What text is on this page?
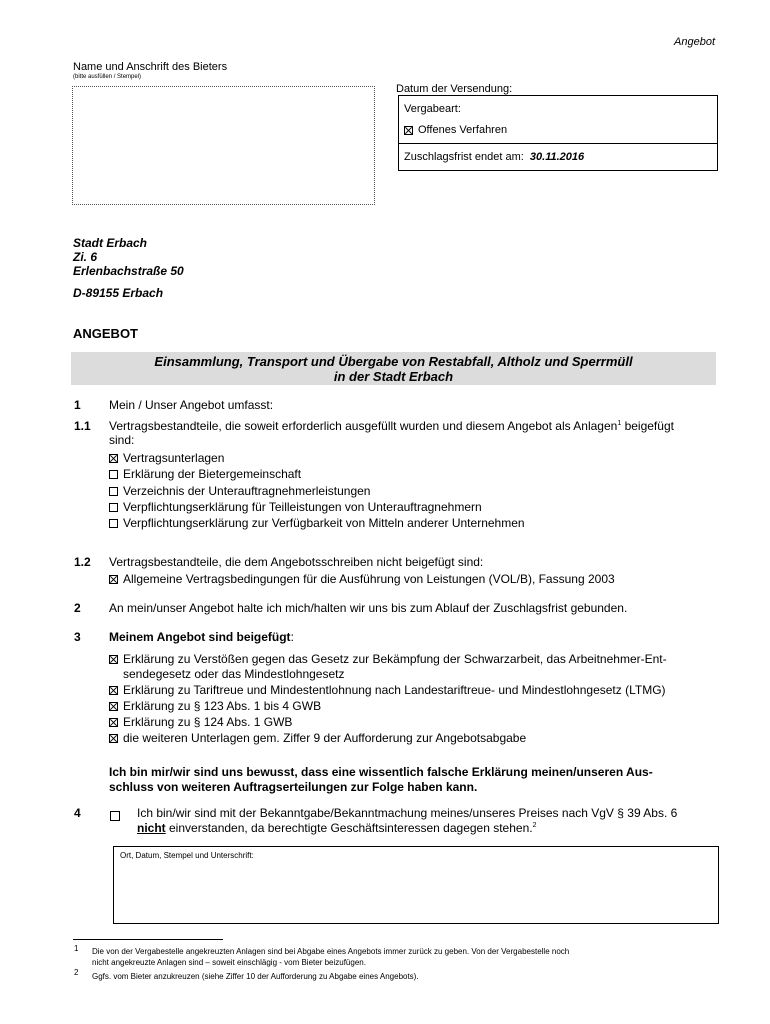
Angebot
Name und Anschrift des Bieters
(bitte ausfüllen / Stempel)
Datum der Versendung:
Vergabeart:
Offenes Verfahren
Zuschlagsfrist endet am: 30.11.2016
Stadt Erbach
Zi. 6
Erlenbachstraße 50
D-89155 Erbach
ANGEBOT
Einsammlung, Transport und Übergabe von Restabfall, Altholz und Sperrmüll
in der Stadt Erbach
1 Mein / Unser Angebot umfasst:
1.1 Vertragsbestandteile, die soweit erforderlich ausgefüllt wurden und diesem Angebot als Anlagen$^1$ beigefügt
sind:
Vertragsunterlagen
Erklärung der Bietergemeinschaft
Verzeichnis der Unterauftragnehmerleistungen
Verpflichtungserklärung für Teilleistungen von Unterauftragnehmern
Verpflichtungserklärung zur Verfügbarkeit von Mitteln anderer Unternehmen
1.2 Vertragsbestandteile, die dem Angebotsschreiben nicht beigefügt sind:
Allgemeine Vertragsbedingungen für die Ausführung von Leistungen (VOL/B), Fassung 2003
2 An mein/unser Angebot halte ich mich/halten wir uns bis zum Ablauf der Zuschlagsfrist gebunden.
3 Meinem Angebot sind beigefügt:
Erklärung zu Verstößen gegen das Gesetz zur Bekämpfung der Schwarzarbeit, das Arbeitnehmer-Ent-
sendegesetz oder das Mindestlohngesetz
Erklärung zu Tariftreue und Mindestentlohnung nach Landestariftreue- und Mindestlohngesetz (LTMG)
Erklärung zu § 123 Abs. 1 bis 4 GWB
Erklärung zu § 124 Abs. 1 GWB
die weiteren Unterlagen gem. Ziffer 9 der Aufforderung zur Angebotsabgabe
Ich bin mir/wir sind uns bewusst, dass eine wissentlich falsche Erklärung meinen/unseren Aus-
schluss von weiteren Auftragserteilungen zur Folge haben kann.
4	Ich bin/wir sind mit der Bekanntgabe/Bekanntmachung meines/unseres Preises nach VgV § 39 Abs. 6
nicht einverstanden, da berechtigte Geschäftsinteressen dagegen stehen.$^2$
Ort, Datum, Stempel und Unterschrift:
1 Die von der Vergabestelle angekreuzten Anlagen sind bei Abgabe eines Angebots immer zurück zu geben. Von der Vergabestelle noch
nicht angekreuzte Anlagen sind – soweit einschlägig - vom Bieter beizufügen.
2 Ggfs. vom Bieter anzukreuzen (siehe Ziffer 10 der Aufforderung zu Abgabe eines Angebots).
